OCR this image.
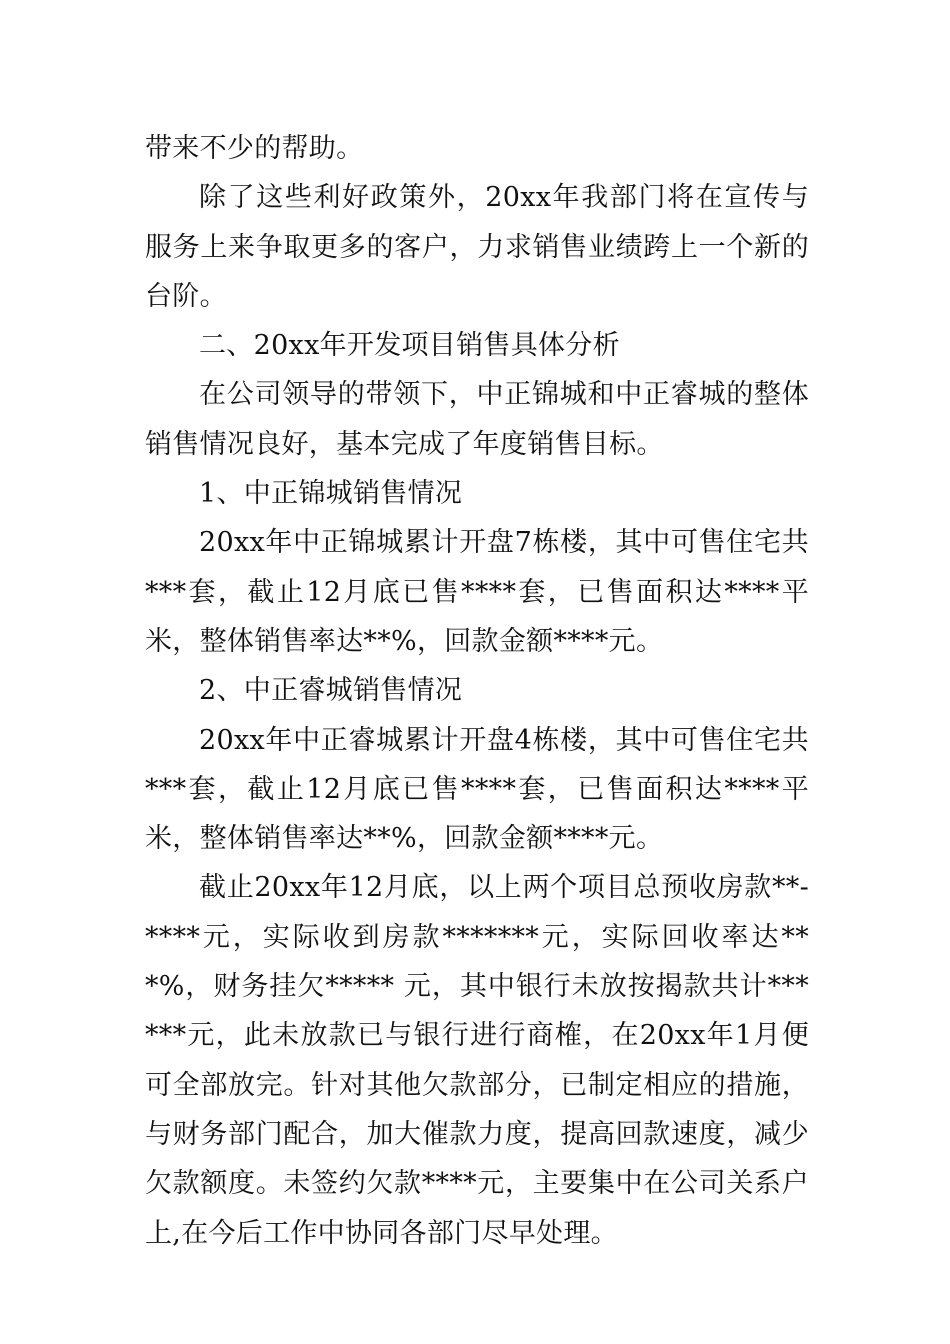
带来不少的帮助。

除了这些利好政策外，20xx年我部门将在宣传与服务上来争取更多的客户，力求销售业绩跨上一个新的台阶。

二、20xx年开发项目销售具体分析

在公司领导的带领下，中正锦城和中正睿城的整体销售情况良好，基本完成了年度销售目标。

1、中正锦城销售情况

20xx年中正锦城累计开盘7栋楼，其中可售住宅共***套，截止12月底已售****套，已售面积达****平米，整体销售率达**%，回款金额****元。

2、中正睿城销售情况

20xx年中正睿城累计开盘4栋楼，其中可售住宅共***套，截止12月底已售****套，已售面积达****平米，整体销售率达**%，回款金额****元。

截止20xx年12月底，以上两个项目总预收房款**-****元，实际收到房款*******元，实际回收率达***%，财务挂欠***** 元，其中银行未放按揭款共计******元，此未放款已与银行进行商榷，在20xx年1月便可全部放完。针对其他欠款部分，已制定相应的措施，与财务部门配合，加大催款力度，提高回款速度，减少欠款额度。未签约欠款****元，主要集中在公司关系户上,在今后工作中协同各部门尽早处理。
